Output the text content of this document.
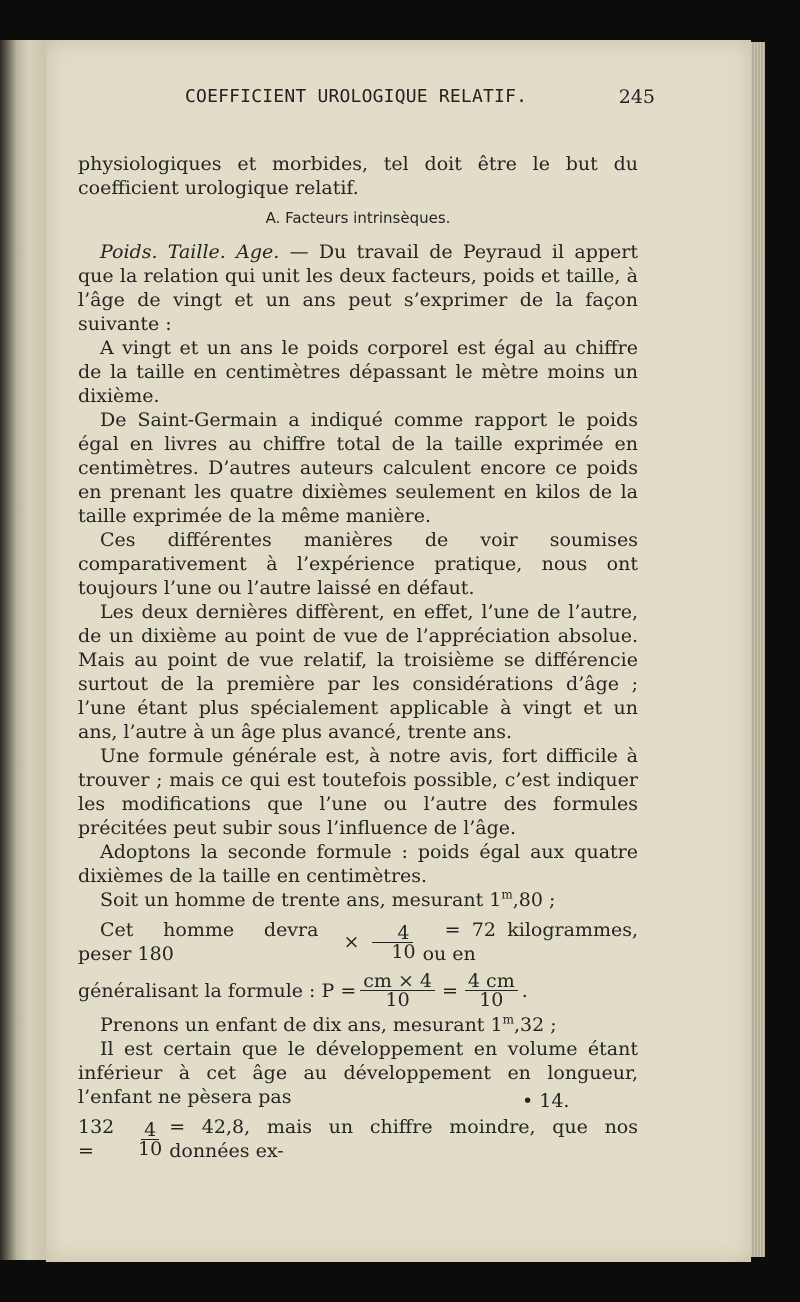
COEFFICIENT UROLOGIQUE RELATIF.	245

physiologiques et morbides, tel doit être le but du coefficient urologique relatif.

A. Facteurs intrinsèques.

Poids. Taille. Age. — Du travail de Peyraud il appert que la relation qui unit les deux facteurs, poids et taille, à l’âge de vingt et un ans peut s’exprimer de la façon suivante :

A vingt et un ans le poids corporel est égal au chiffre de la taille en centimètres dépassant le mètre moins un dixième.

De Saint-Germain a indiqué comme rapport le poids égal en livres au chiffre total de la taille exprimée en centimètres. D’autres auteurs calculent encore ce poids en prenant les quatre dixièmes seulement en kilos de la taille exprimée de la même manière.

Ces différentes manières de voir soumises comparativement à l’expérience pratique, nous ont toujours l’une ou l’autre laissé en défaut.

Les deux dernières diffèrent, en effet, l’une de l’autre, de un dixième au point de vue de l’appréciation absolue. Mais au point de vue relatif, la troisième se différencie surtout de la première par les considérations d’âge ; l’une étant plus spécialement applicable à vingt et un ans, l’autre à un âge plus avancé, trente ans.

Une formule générale est, à notre avis, fort difficile à trouver ; mais ce qui est toutefois possible, c’est indiquer les modifications que l’une ou l’autre des formules précitées peut subir sous l’influence de l’âge.

Adoptons la seconde formule : poids égal aux quatre dixièmes de la taille en centimètres.

Soit un homme de trente ans, mesurant 1$^m$,80 ;

Cet homme devra peser 180
× $\frac{4}{10}$	= 72 kilogrammes, ou en

généralisant la formule : $P = \frac{cm \times 4}{10} = \frac{4 cm}{10}$ .

Prenons un enfant de dix ans, mesurant 1$^m$,32 ;

Il est certain que le développement en volume étant inférieur à cet âge au développement en longueur, l’enfant ne pèsera pas

132 =	$\frac{4}{10} = 42,8$, mais un chiffre moindre, que nos données ex-

• 14.
